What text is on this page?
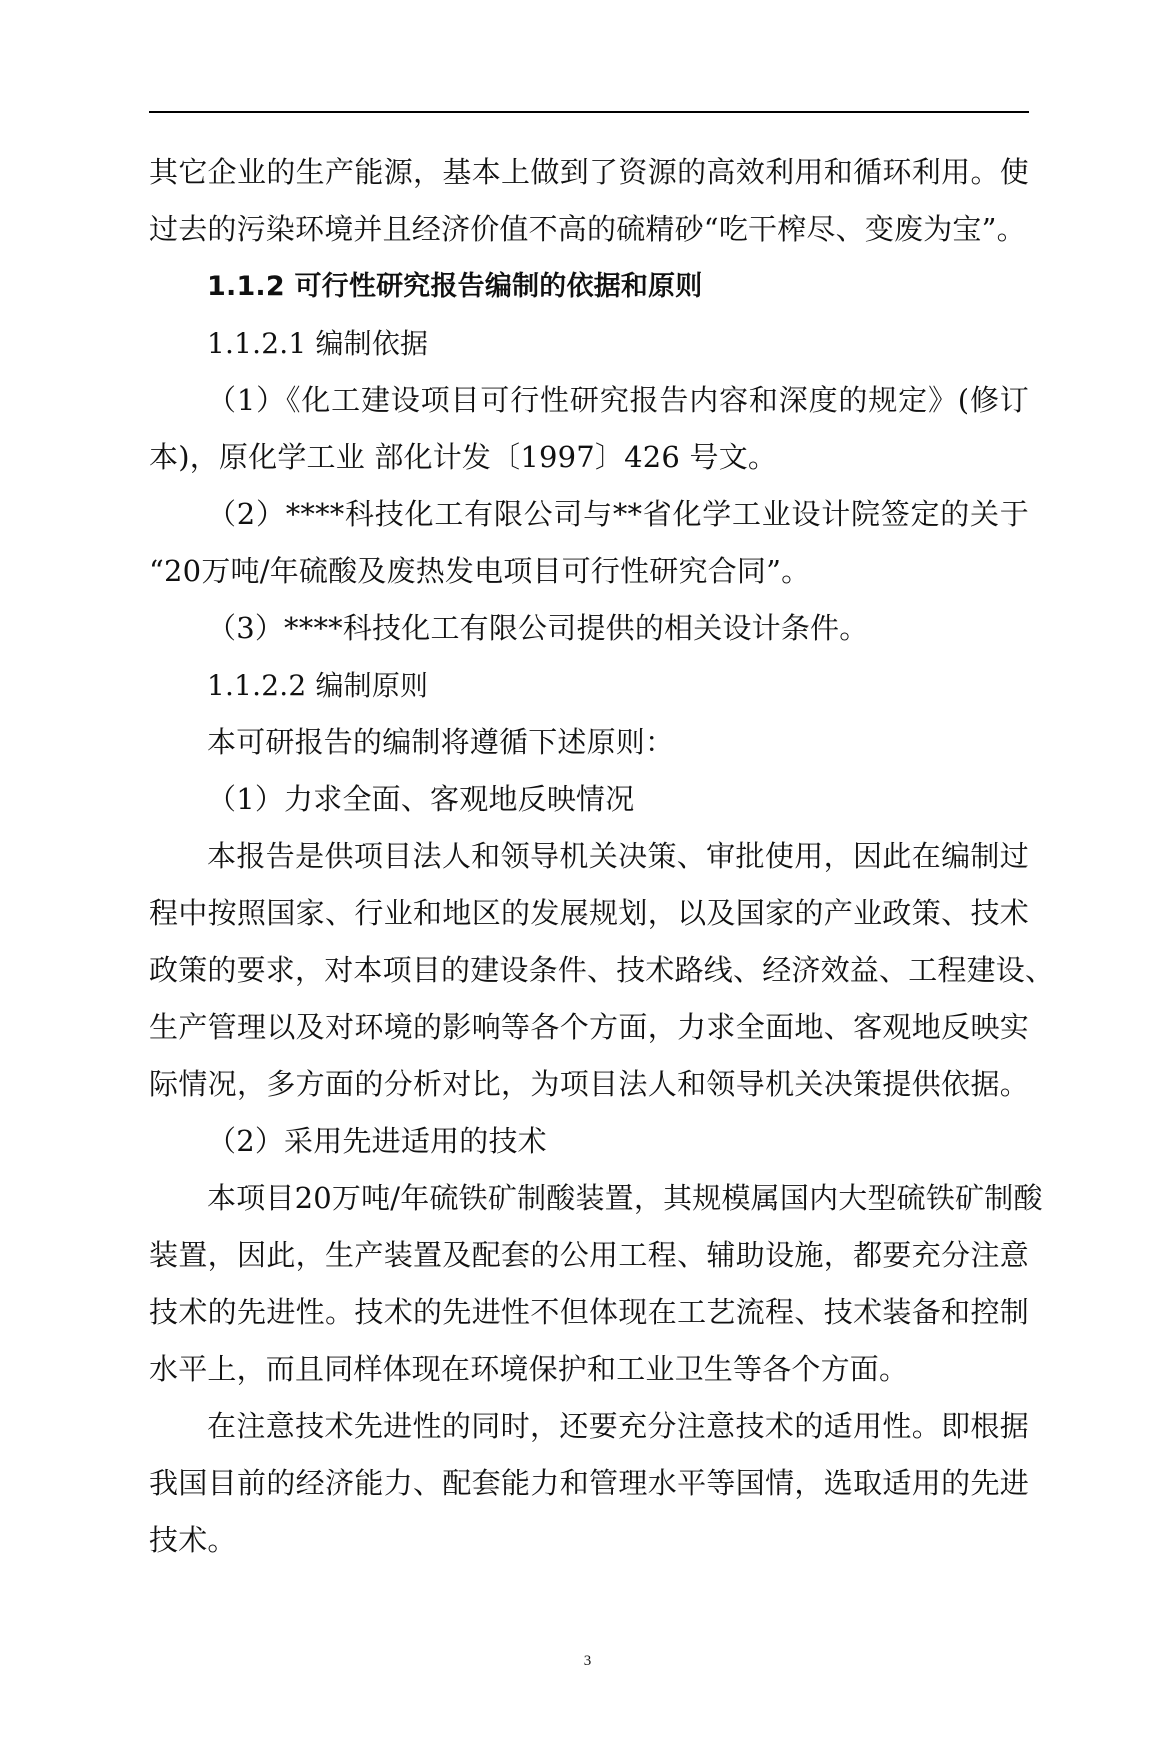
其它企业的生产能源，基本上做到了资源的高效利用和循环利用。使
过去的污染环境并且经济价值不高的硫精砂“吃干榨尽、变废为宝”。
1.1.2 可行性研究报告编制的依据和原则
1.1.2.1 编制依据
（1）《化工建设项目可行性研究报告内容和深度的规定》(修订
本)，原化学工业 部化计发〔1997〕426 号文。
（2）****科技化工有限公司与**省化学工业设计院签定的关于
“20万吨/年硫酸及废热发电项目可行性研究合同”。
（3）****科技化工有限公司提供的相关设计条件。
1.1.2.2 编制原则
本可研报告的编制将遵循下述原则：
（1）力求全面、客观地反映情况
本报告是供项目法人和领导机关决策、审批使用，因此在编制过
程中按照国家、行业和地区的发展规划，以及国家的产业政策、技术
政策的要求，对本项目的建设条件、技术路线、经济效益、工程建设、
生产管理以及对环境的影响等各个方面，力求全面地、客观地反映实
际情况，多方面的分析对比，为项目法人和领导机关决策提供依据。
（2）采用先进适用的技术
本项目20万吨/年硫铁矿制酸装置，其规模属国内大型硫铁矿制酸
装置，因此，生产装置及配套的公用工程、辅助设施，都要充分注意
技术的先进性。技术的先进性不但体现在工艺流程、技术装备和控制
水平上，而且同样体现在环境保护和工业卫生等各个方面。
在注意技术先进性的同时，还要充分注意技术的适用性。即根据
我国目前的经济能力、配套能力和管理水平等国情，选取适用的先进
技术。
3
